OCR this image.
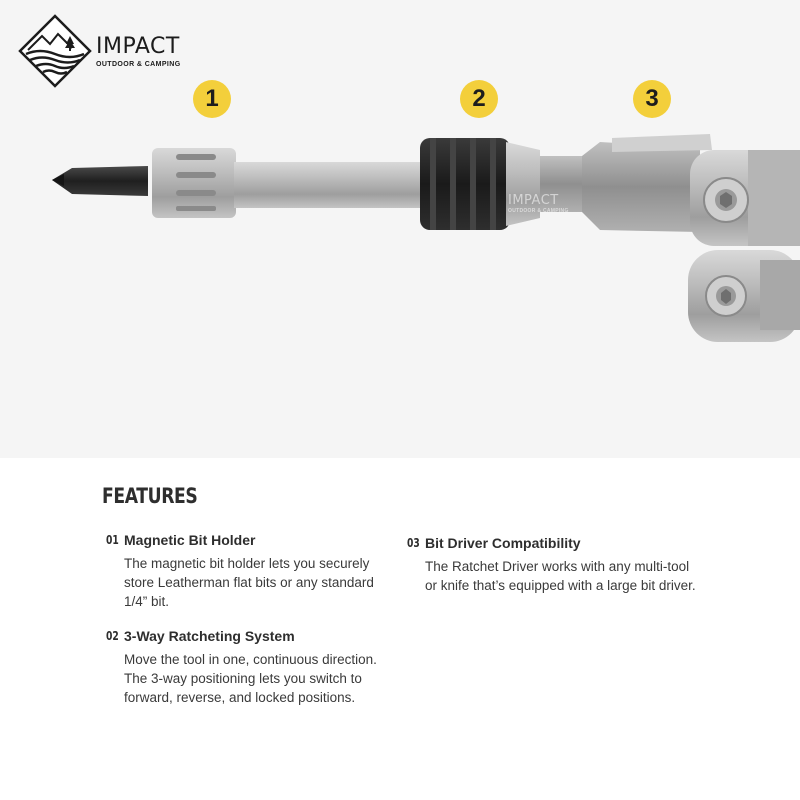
IMPACT
OUTDOOR & CAMPING
1	2	3
IMPACT
OUTDOOR & CAMPING
FEATURES
01 Magnetic Bit Holder

The magnetic bit holder lets you securely store Leatherman flat bits or any standard 1/4” bit.

02 3-Way Ratcheting System

Move the tool in one, continuous direction. The 3-way positioning lets you switch to forward, reverse, and locked positions.

03 Bit Driver Compatibility

The Ratchet Driver works with any multi-tool or knife that’s equipped with a large bit driver.
